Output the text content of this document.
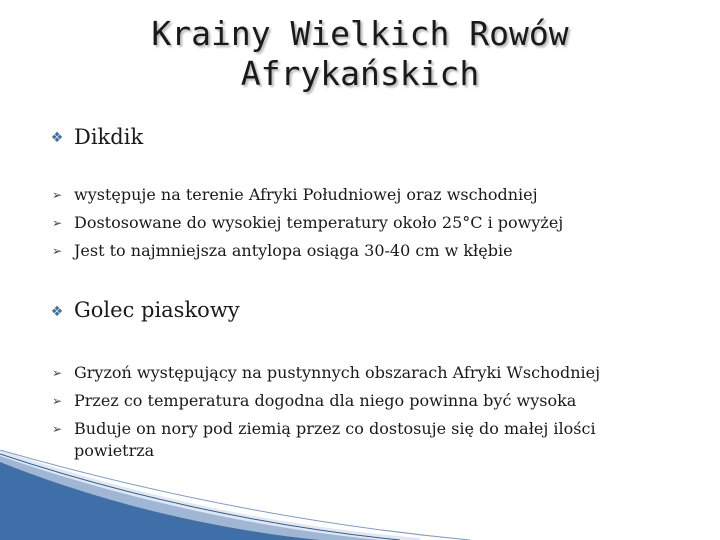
Krainy Wielkich Rowów
Afrykańskich
❖ Dikdik
➢ występuje na terenie Afryki Południowej oraz wschodniej
➢ Dostosowane do wysokiej temperatury około 25°C i powyżej
➢ Jest to najmniejsza antylopa osiąga 30-40 cm w kłębie
❖ Golec piaskowy
➢ Gryzoń występujący na pustynnych obszarach Afryki Wschodniej
➢ Przez co temperatura dogodna dla niego powinna być wysoka
➢ Buduje on nory pod ziemią przez co dostosuje się do małej ilości powietrza
